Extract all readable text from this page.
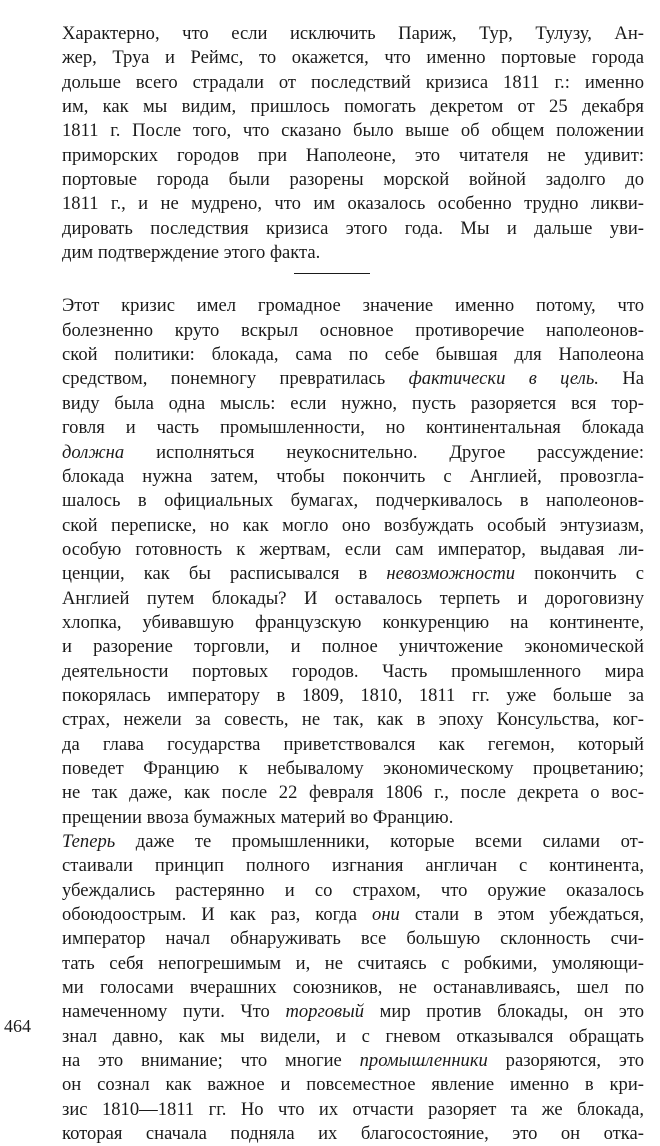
Характерно, что если исключить Париж, Тур, Тулузу, Ан-
жер, Труа и Реймс, то окажется, что именно портовые города
дольше всего страдали от последствий кризиса 1811 г.: именно
им, как мы видим, пришлось помогать декретом от 25 декабря
1811 г. После того, что сказано было выше об общем положении
приморских городов при Наполеоне, это читателя не удивит:
портовые города были разорены морской войной задолго до
1811 г., и не мудрено, что им оказалось особенно трудно ликви-
дировать последствия кризиса этого года. Мы и дальше уви-
дим подтверждение этого факта.
Этот кризис имел громадное значение именно потому, что
болезненно круто вскрыл основное противоречие наполеонов-
ской политики: блокада, сама по себе бывшая для Наполеона
средством, понемногу превратилась фактически в цель. На
виду была одна мысль: если нужно, пусть разоряется вся тор-
говля и часть промышленности, но континентальная блокада
должна исполняться неукоснительно. Другое рассуждение:
блокада нужна затем, чтобы покончить с Англией, провозгла-
шалось в официальных бумагах, подчеркивалось в наполеонов-
ской переписке, но как могло оно возбуждать особый энтузиазм,
особую готовность к жертвам, если сам император, выдавая ли-
ценции, как бы расписывался в невозможности покончить с
Англией путем блокады? И оставалось терпеть и дороговизну
хлопка, убивавшую французскую конкуренцию на континенте,
и разорение торговли, и полное уничтожение экономической
деятельности портовых городов. Часть промышленного мира
покорялась императору в 1809, 1810, 1811 гг. уже больше за
страх, нежели за совесть, не так, как в эпоху Консульства, ког-
да глава государства приветствовался как гегемон, который
поведет Францию к небывалому экономическому процветанию;
не так даже, как после 22 февраля 1806 г., после декрета о вос-
прещении ввоза бумажных материй во Францию.
Теперь даже те промышленники, которые всеми силами от-
стаивали принцип полного изгнания англичан с континента,
убеждались растерянно и со страхом, что оружие оказалось
обоюдоострым. И как раз, когда они стали в этом убеждаться,
император начал обнаруживать все большую склонность счи-
тать себя непогрешимым и, не считаясь с робкими, умоляющи-
ми голосами вчерашних союзников, не останавливаясь, шел по
намеченному пути. Что торговый мир против блокады, он это
знал давно, как мы видели, и с гневом отказывался обращать
на это внимание; что многие промышленники разоряются, это
он сознал как важное и повсеместное явление именно в кри-
зис 1810—1811 гг. Но что их отчасти разоряет та же блокада,
которая сначала подняла их благосостояние, это он отка-
464
